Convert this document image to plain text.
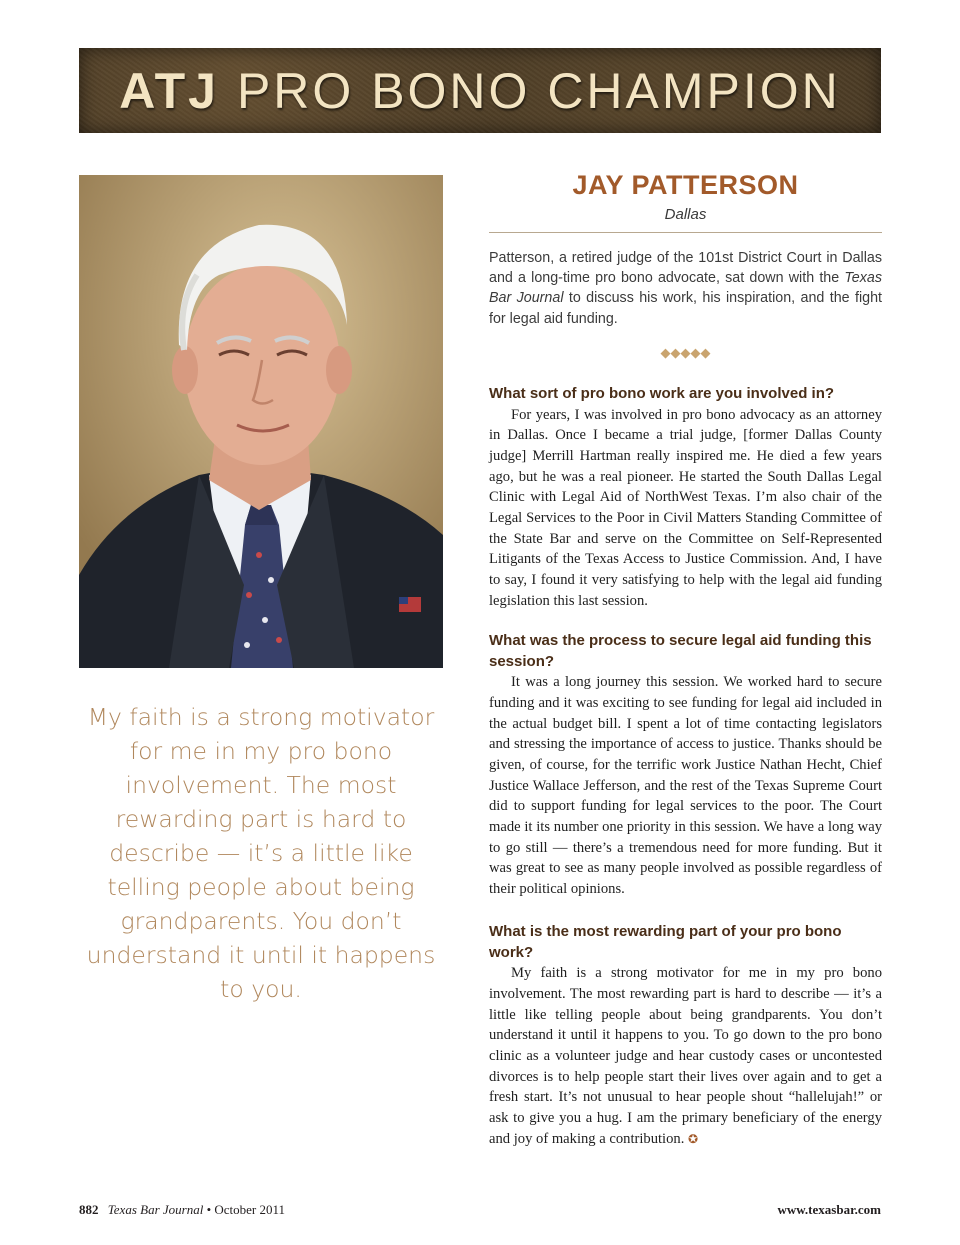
ATJ PRO BONO CHAMPION
My faith is a strong motivator for me in my pro bono involvement. The most rewarding part is hard to describe — it’s a little like telling people about being grandparents. You don’t understand it until it happens to you.
JAY PATTERSON
Dallas
Patterson, a retired judge of the 101st District Court in Dallas and a long-time pro bono advocate, sat down with the Texas Bar Journal to discuss his work, his inspiration, and the fight for legal aid funding.
◆◆◆◆◆
What sort of pro bono work are you involved in?

For years, I was involved in pro bono advocacy as an attorney in Dallas. Once I became a trial judge, [former Dallas County judge] Merrill Hartman really inspired me. He died a few years ago, but he was a real pioneer. He started the South Dallas Legal Clinic with Legal Aid of NorthWest Texas. I’m also chair of the Legal Services to the Poor in Civil Matters Standing Committee of the State Bar and serve on the Committee on Self-Represented Litigants of the Texas Access to Justice Commission. And, I have to say, I found it very satisfying to help with the legal aid funding legislation this last session.

What was the process to secure legal aid funding this session?

It was a long journey this session. We worked hard to secure funding and it was exciting to see funding for legal aid included in the actual budget bill. I spent a lot of time contacting legislators and stressing the importance of access to justice. Thanks should be given, of course, for the terrific work Justice Nathan Hecht, Chief Justice Wallace Jefferson, and the rest of the Texas Supreme Court did to support funding for legal services to the poor. The Court made it its number one priority in this session. We have a long way to go still — there’s a tremendous need for more funding. But it was great to see as many people involved as possible regardless of their political opinions.

What is the most rewarding part of your pro bono work?

My faith is a strong motivator for me in my pro bono involvement. The most rewarding part is hard to describe — it’s a little like telling people about being grandparents. You don’t understand it until it happens to you. To go down to the pro bono clinic as a volunteer judge and hear custody cases or uncontested divorces is to help people start their lives over again and to get a fresh start. It’s not unusual to hear people shout “hallelujah!” or ask to give you a hug. I am the primary beneficiary of the energy and joy of making a contribution. ✪

882 Texas Bar Journal • October 2011	www.texasbar.com
